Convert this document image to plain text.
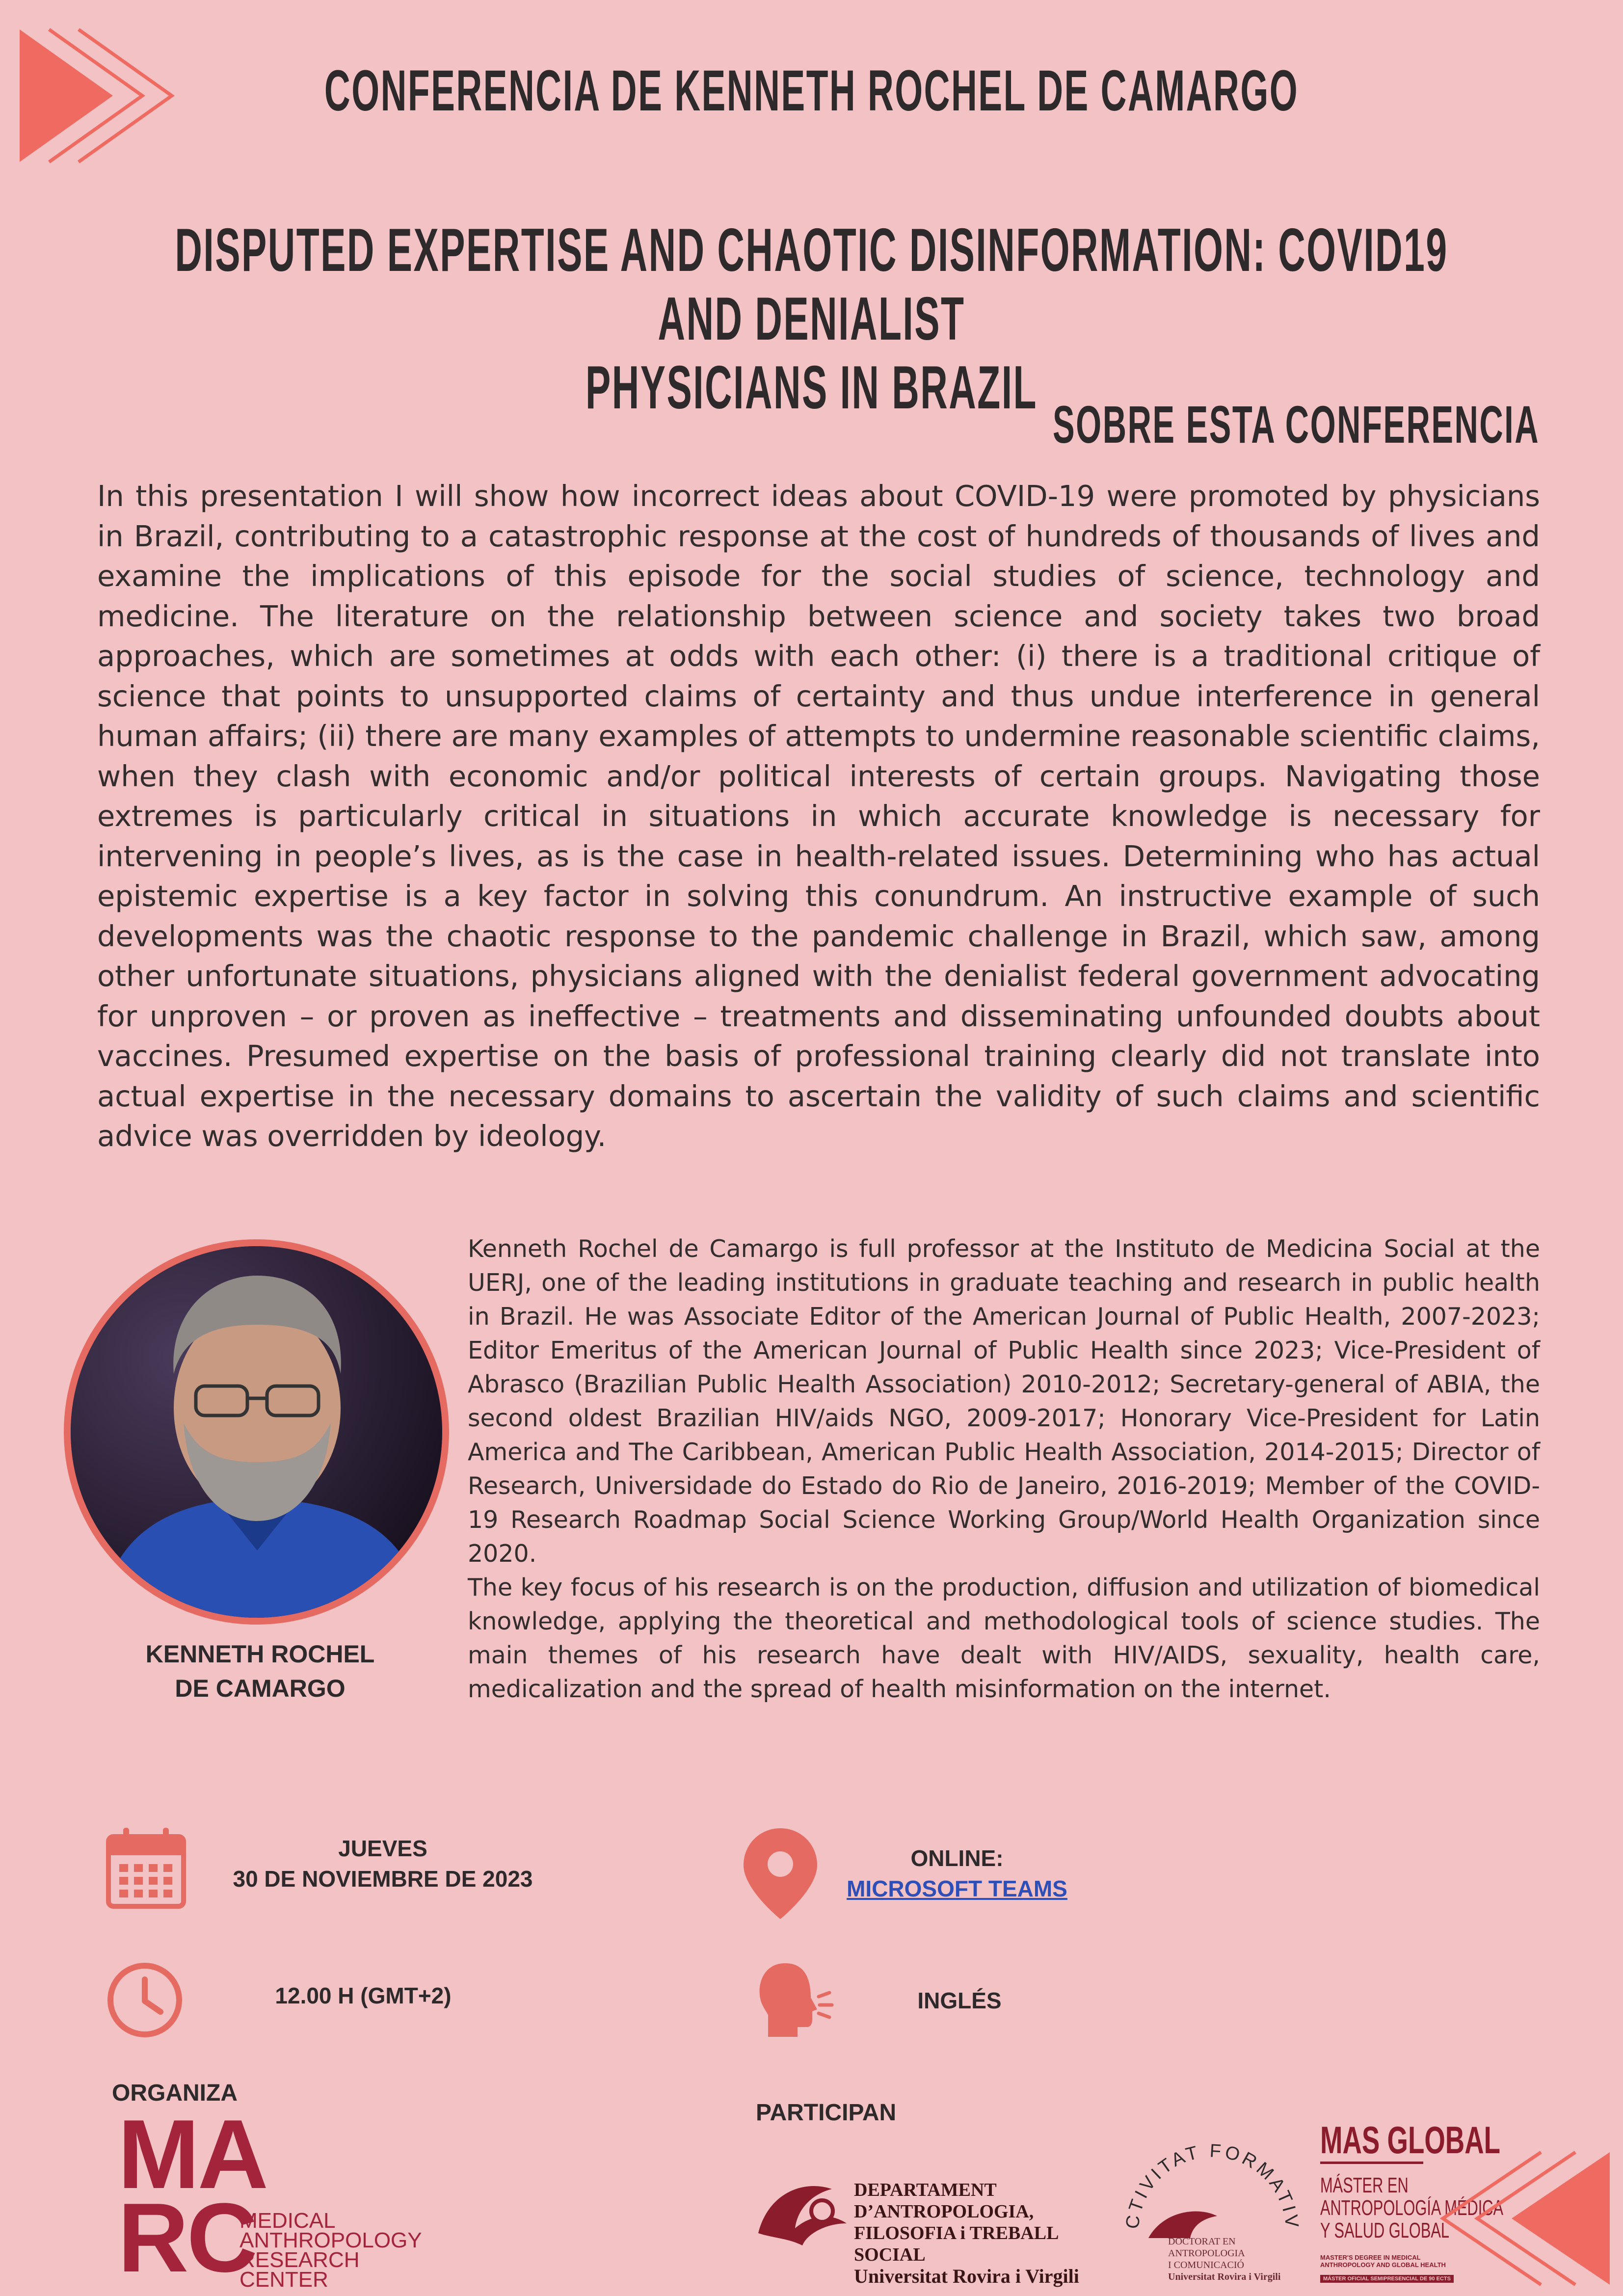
CONFERENCIA DE KENNETH ROCHEL DE CAMARGO
DISPUTED EXPERTISE AND CHAOTIC DISINFORMATION: COVID19 AND DENIALIST
PHYSICIANS IN BRAZIL
SOBRE ESTA CONFERENCIA

In this presentation I will show how incorrect ideas about COVID-19 were promoted by physicians in Brazil, contributing to a catastrophic response at the cost of hundreds of thousands of lives and examine the implications of this episode for the social studies of science, technology and medicine. The literature on the relationship between science and society takes two broad approaches, which are sometimes at odds with each other: (i) there is a traditional critique of science that points to unsupported claims of certainty and thus undue interference in general human affairs; (ii) there are many examples of attempts to undermine reasonable scientific claims, when they clash with economic and/or political interests of certain groups. Navigating those extremes is particularly critical in situations in which accurate knowledge is necessary for intervening in people’s lives, as is the case in health-related issues. Determining who has actual epistemic expertise is a key factor in solving this conundrum. An instructive example of such developments was the chaotic response to the pandemic challenge in Brazil, which saw, among other unfortunate situations, physicians aligned with the denialist federal government advocating for unproven – or proven as ineffective – treatments and disseminating unfounded doubts about vaccines. Presumed expertise on the basis of professional training clearly did not translate into actual expertise in the necessary domains to ascertain the validity of such claims and scientific advice was overridden by ideology.

KENNETH ROCHEL
DE CAMARGO

Kenneth Rochel de Camargo is full professor at the Instituto de Medicina Social at the UERJ, one of the leading institutions in graduate teaching and research in public health in Brazil. He was Associate Editor of the American Journal of Public Health, 2007-2023; Editor Emeritus of the American Journal of Public Health since 2023; Vice-President of Abrasco (Brazilian Public Health Association) 2010-2012; Secretary-general of ABIA, the second oldest Brazilian HIV/aids NGO, 2009-2017; Honorary Vice-President for Latin America and The Caribbean, American Public Health Association, 2014-2015; Director of Research, Universidade do Estado do Rio de Janeiro, 2016-2019; Member of the COVID-19 Research Roadmap Social Science Working Group/World Health Organization since 2020.

The key focus of his research is on the production, diffusion and utilization of biomedical knowledge, applying the theoretical and methodological tools of science studies. The main themes of his research have dealt with HIV/AIDS, sexuality, health care, medicalization and the spread of health misinformation on the internet.

JUEVES
30 DE NOVIEMBRE DE 2023
ONLINE:
MICROSOFT TEAMS
12.00 H (GMT+2)	INGLÉS
ORGANIZA
MA
RC
MEDICAL
ANTHROPOLOGY
RESEARCH
CENTER
PARTICIPAN
DEPARTAMENT D’ANTROPOLOGIA,
FILOSOFIA i TREBALL SOCIAL
Universitat Rovira i Virgili
CTIVITAT FORMATIV
DOCTORAT EN ANTROPOLOGIA
I COMUNICACIÓ
Universitat Rovira i Virgili
MAS GLOBAL
MÁSTER EN
ANTROPOLOGÍA MÉDICA
Y SALUD GLOBAL
MASTER'S DEGREE IN MEDICAL
ANTHROPOLOGY AND GLOBAL HEALTH
MÁSTER OFICIAL SEMIPRESENCIAL DE 90 ECTS
